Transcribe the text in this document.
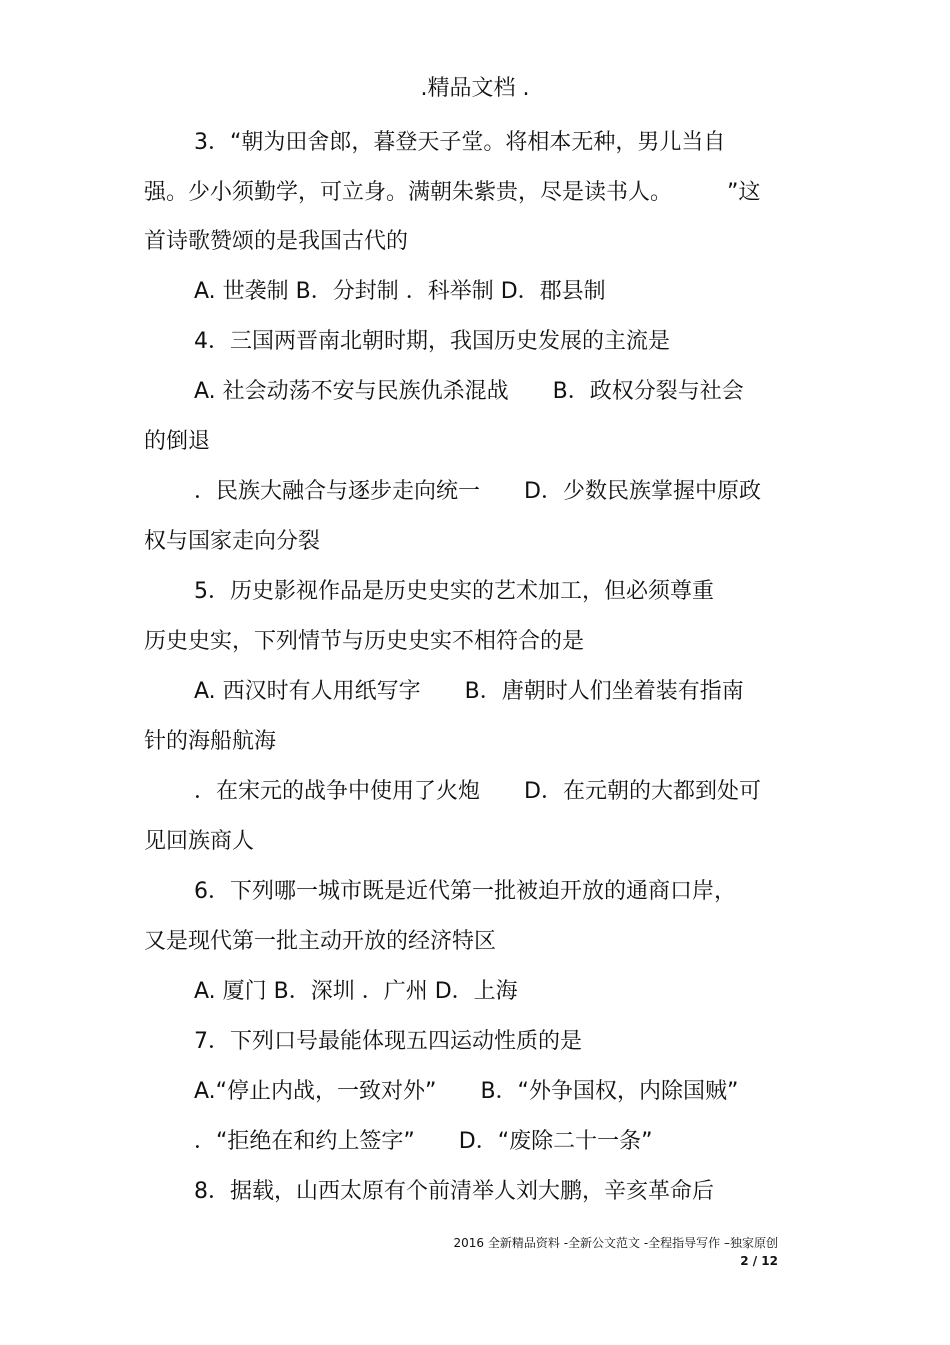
.精品文档 .
3．“朝为田舍郎，暮登天子堂。将相本无种，男儿当自
强。少小须勤学，可立身。满朝朱紫贵，尽是读书人。　　　”这
首诗歌赞颂的是我国古代的
A. 世袭制 B．分封制 ．科举制 D．郡县制
4．三国两晋南北朝时期，我国历史发展的主流是
A. 社会动荡不安与民族仇杀混战　　B．政权分裂与社会
的倒退
．民族大融合与逐步走向统一　　D．少数民族掌握中原政
权与国家走向分裂
5．历史影视作品是历史史实的艺术加工，但必须尊重
历史史实，下列情节与历史史实不相符合的是
A. 西汉时有人用纸写字　　B．唐朝时人们坐着装有指南
针的海船航海
．在宋元的战争中使用了火炮　　D．在元朝的大都到处可
见回族商人
6．下列哪一城市既是近代第一批被迫开放的通商口岸，
又是现代第一批主动开放的经济特区
A. 厦门 B．深圳 ．广州 D．上海
7．下列口号最能体现五四运动性质的是
A.“停止内战，一致对外”　　B．“外争国权，内除国贼”
．“拒绝在和约上签字”　　D．“废除二十一条”
8．据载，山西太原有个前清举人刘大鹏，辛亥革命后
2016 全新精品资料 -全新公文范文 -全程指导写作 –独家原创
2 / 12
